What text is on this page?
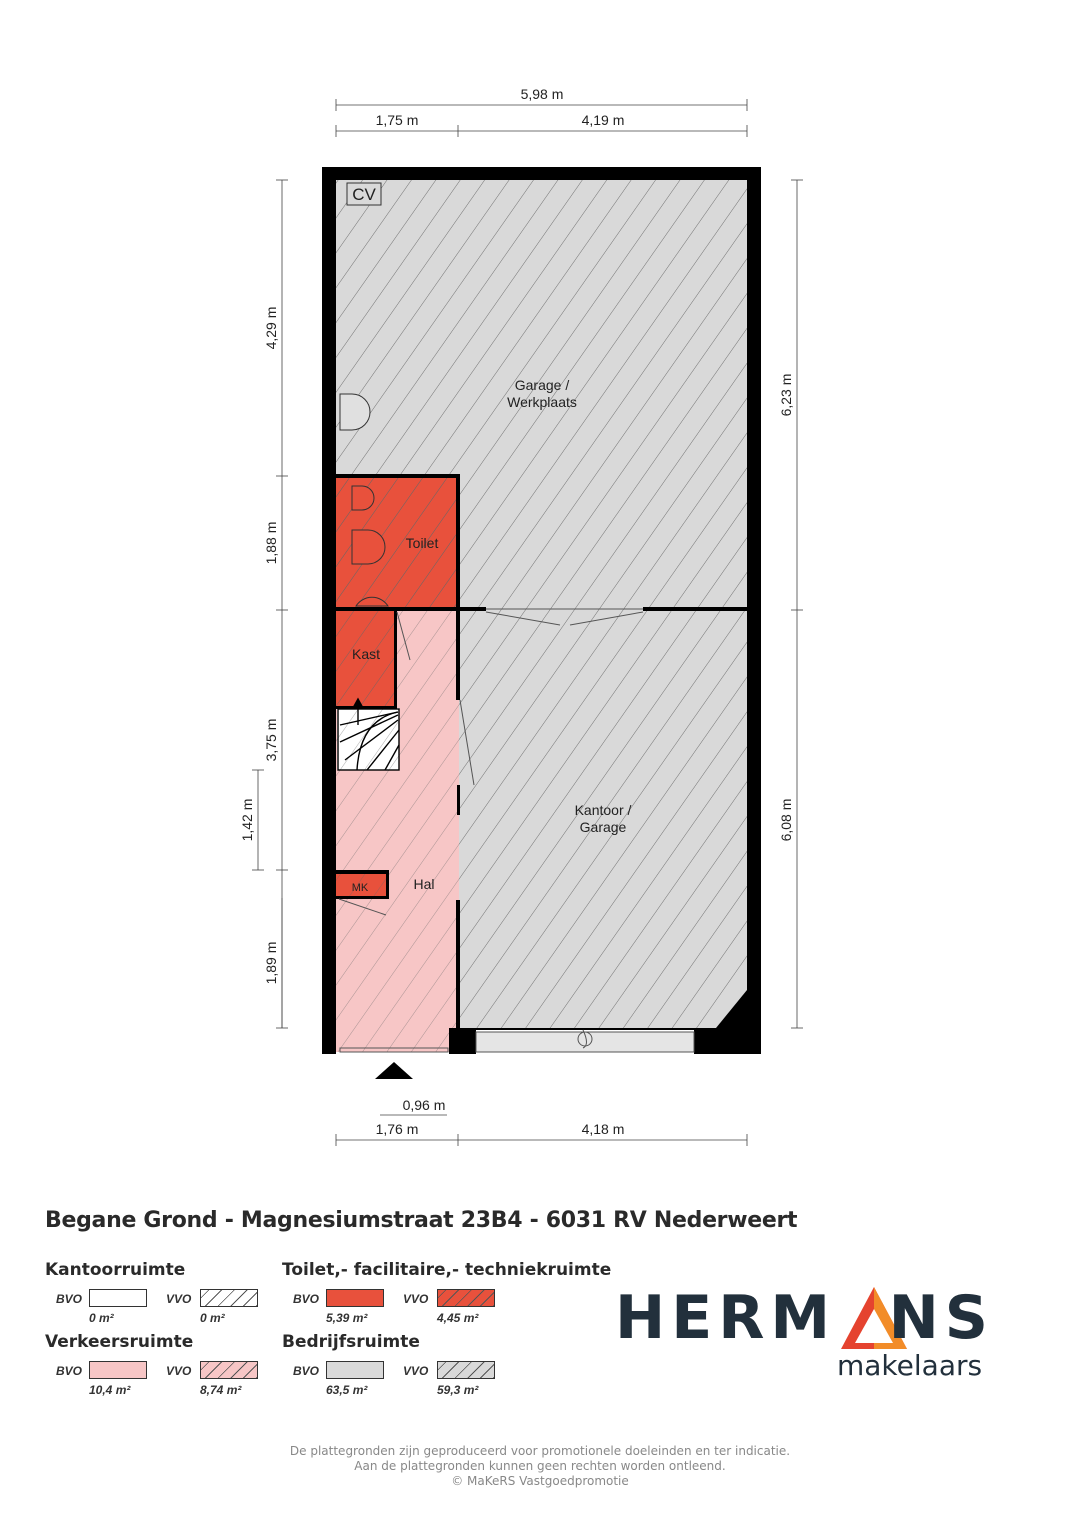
5,98 m
1,75 m	4,19 m
0,96 m
1,76 m	4,18 m
4,29 m
1,88 m
3,75 m
1,42 m
1,89 m
6,23 m
6,08 m
CV
Garage /
Werkplaats
Toilet
Kast
MK	Hal
Kantoor /
Garage
Begane Grond - Magnesiumstraat 23B4 - 6031 RV Nederweert
Kantoorruimte
BVO
0 m²
VVO
0 m²
Toilet,- facilitaire,- techniekruimte
BVO
5,39 m²
VVO
4,45 m²
Verkeersruimte
BVO
10,4 m²
VVO
8,74 m²
Bedrijfsruimte
BVO
63,5 m²
VVO
59,3 m²
HERM NS
makelaars
De plattegronden zijn geproduceerd voor promotionele doeleinden en ter indicatie.
Aan de plattegronden kunnen geen rechten worden ontleend.
© MaKeRS Vastgoedpromotie
